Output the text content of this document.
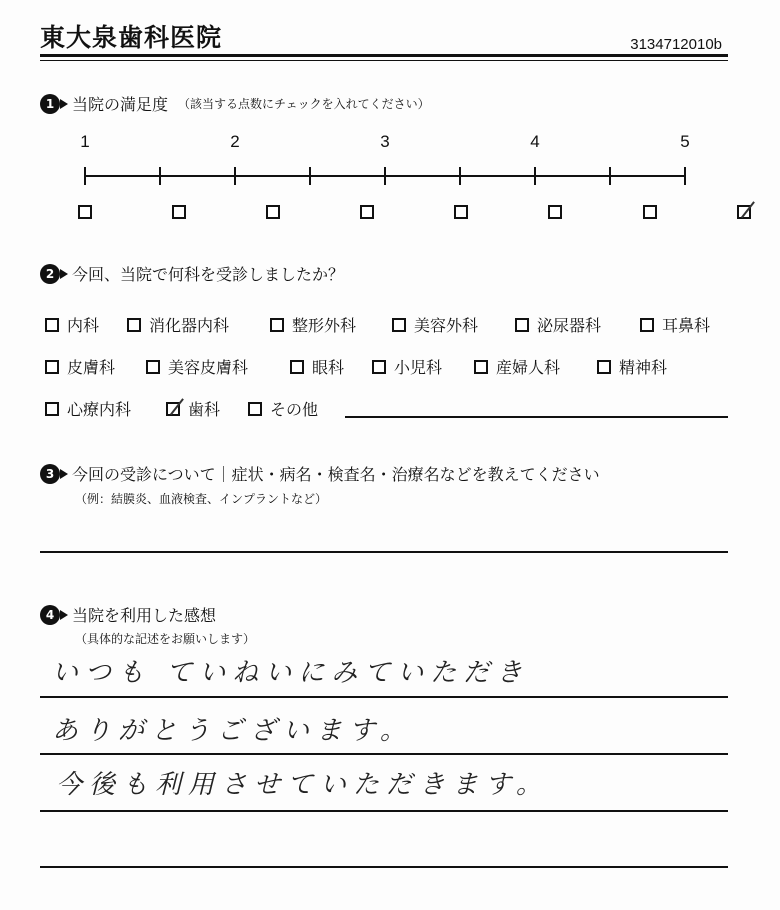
東大泉歯科医院	3134712010b
1	当院の満足度 （該当する点数にチェックを入れてください）
1	2	3	4	5

2	今回、当院で何科を受診しましたか？
内科	消化器内科	整形外科	美容外科	泌尿器科	耳鼻科
皮膚科	美容皮膚科	眼科	小児科	産婦人科	精神科
心療内科	歯科	その他
3	今回の受診について｜症状・病名・検査名・治療名などを教えてください
（例：結膜炎、血液検査、インプラントなど）
4	当院を利用した感想
（具体的な記述をお願いします）
いつも ていねいにみていただき
ありがとうございます。
今後も利用させていただきます。
